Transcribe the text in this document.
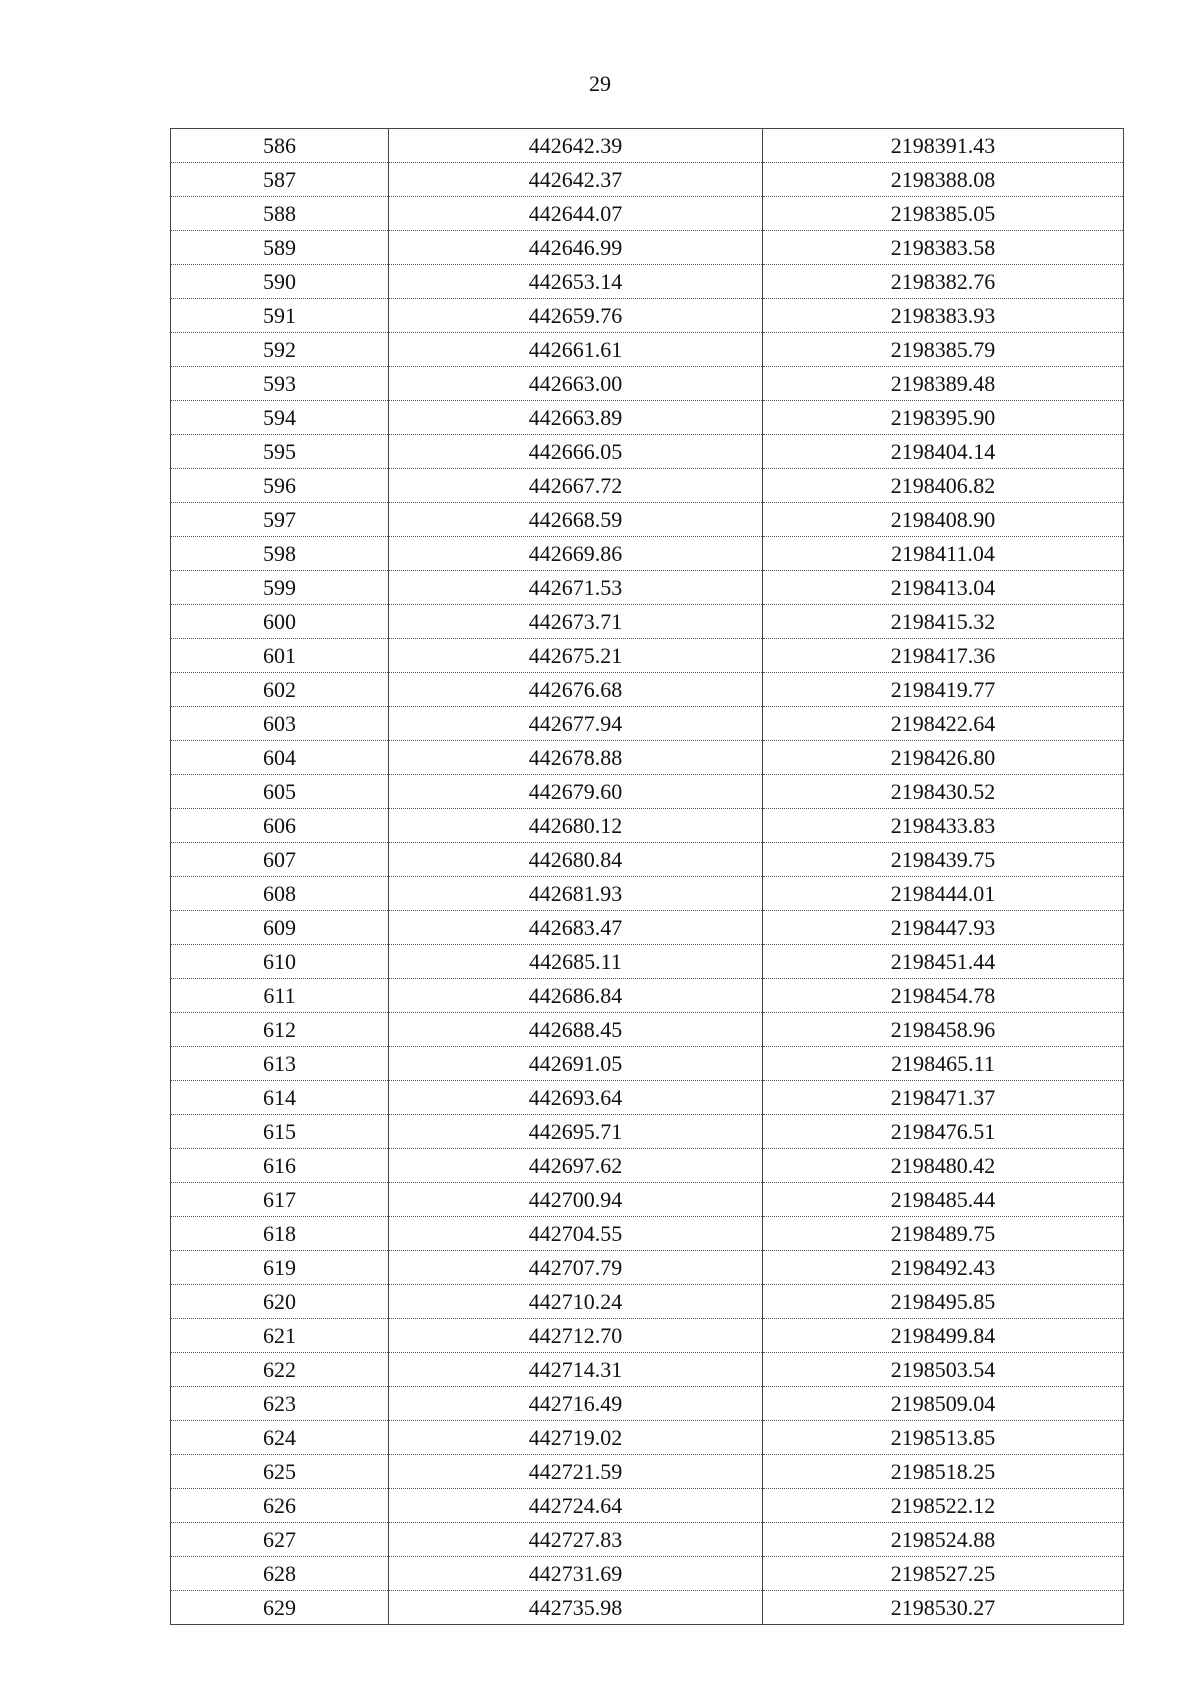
29
586	442642.39	2198391.43
587	442642.37	2198388.08
588	442644.07	2198385.05
589	442646.99	2198383.58
590	442653.14	2198382.76
591	442659.76	2198383.93
592	442661.61	2198385.79
593	442663.00	2198389.48
594	442663.89	2198395.90
595	442666.05	2198404.14
596	442667.72	2198406.82
597	442668.59	2198408.90
598	442669.86	2198411.04
599	442671.53	2198413.04
600	442673.71	2198415.32
601	442675.21	2198417.36
602	442676.68	2198419.77
603	442677.94	2198422.64
604	442678.88	2198426.80
605	442679.60	2198430.52
606	442680.12	2198433.83
607	442680.84	2198439.75
608	442681.93	2198444.01
609	442683.47	2198447.93
610	442685.11	2198451.44
611	442686.84	2198454.78
612	442688.45	2198458.96
613	442691.05	2198465.11
614	442693.64	2198471.37
615	442695.71	2198476.51
616	442697.62	2198480.42
617	442700.94	2198485.44
618	442704.55	2198489.75
619	442707.79	2198492.43
620	442710.24	2198495.85
621	442712.70	2198499.84
622	442714.31	2198503.54
623	442716.49	2198509.04
624	442719.02	2198513.85
625	442721.59	2198518.25
626	442724.64	2198522.12
627	442727.83	2198524.88
628	442731.69	2198527.25
629	442735.98	2198530.27
